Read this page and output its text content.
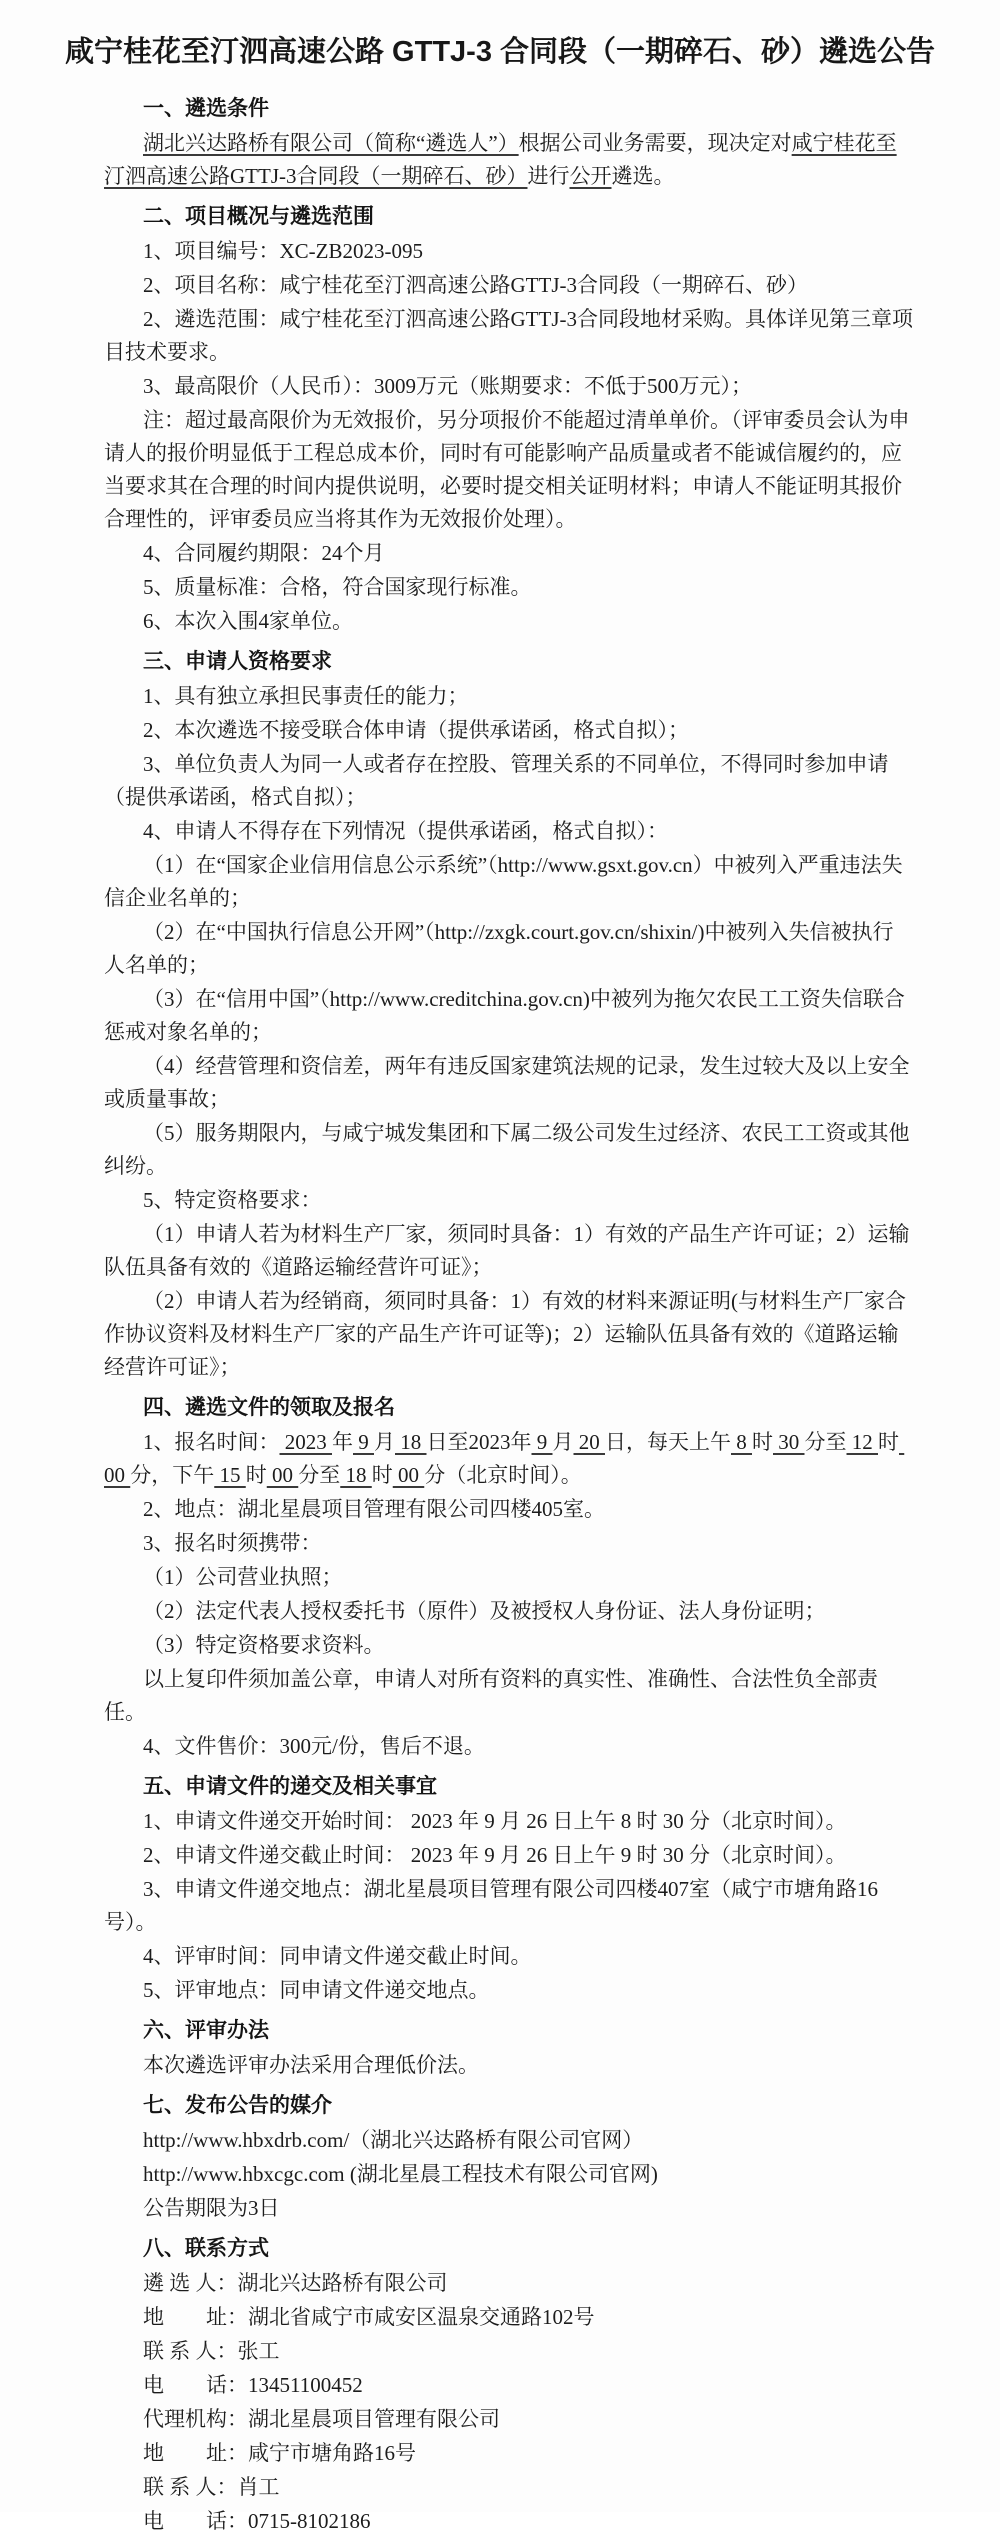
咸宁桂花至汀泗高速公路 GTTJ-3 合同段（一期碎石、砂）遴选公告
一、遴选条件

湖北兴达路桥有限公司（简称“遴选人”）根据公司业务需要，现决定对咸宁桂花至汀泗高速公路GTTJ-3合同段（一期碎石、砂）进行公开遴选。

二、项目概况与遴选范围

1、项目编号：XC-ZB2023-095

2、项目名称：咸宁桂花至汀泗高速公路GTTJ-3合同段（一期碎石、砂）

2、遴选范围：咸宁桂花至汀泗高速公路GTTJ-3合同段地材采购。具体详见第三章项目技术要求。

3、最高限价（人民币）：3009万元（账期要求：不低于500万元）；

注：超过最高限价为无效报价，另分项报价不能超过清单单价。（评审委员会认为申请人的报价明显低于工程总成本价，同时有可能影响产品质量或者不能诚信履约的，应当要求其在合理的时间内提供说明，必要时提交相关证明材料；申请人不能证明其报价合理性的，评审委员应当将其作为无效报价处理）。

4、合同履约期限：24个月

5、质量标准：合格，符合国家现行标准。

6、本次入围4家单位。

三、申请人资格要求

1、具有独立承担民事责任的能力；

2、本次遴选不接受联合体申请（提供承诺函，格式自拟）；

3、单位负责人为同一人或者存在控股、管理关系的不同单位，不得同时参加申请（提供承诺函，格式自拟）；

4、申请人不得存在下列情况（提供承诺函，格式自拟）：

（1）在“国家企业信用信息公示系统”（http://www.gsxt.gov.cn）中被列入严重违法失信企业名单的；

（2）在“中国执行信息公开网”（http://zxgk.court.gov.cn/shixin/)中被列入失信被执行人名单的；

（3）在“信用中国”（http://www.creditchina.gov.cn)中被列为拖欠农民工工资失信联合惩戒对象名单的；

（4）经营管理和资信差，两年有违反国家建筑法规的记录，发生过较大及以上安全或质量事故；

（5）服务期限内，与咸宁城发集团和下属二级公司发生过经济、农民工工资或其他纠纷。

5、特定资格要求：

（1）申请人若为材料生产厂家，须同时具备：1）有效的产品生产许可证；2）运输队伍具备有效的《道路运输经营许可证》；

（2）申请人若为经销商，须同时具备：1）有效的材料来源证明(与材料生产厂家合作协议资料及材料生产厂家的产品生产许可证等)；2）运输队伍具备有效的《道路运输经营许可证》；

四、遴选文件的领取及报名

1、报名时间： 2023 年 9 月 18 日至2023年 9 月 20 日，每天上午 8 时 30 分至 12 时 00 分，下午 15 时 00 分至 18 时 00 分（北京时间）。

2、地点：湖北星晨项目管理有限公司四楼405室。

3、报名时须携带：

（1）公司营业执照；

（2）法定代表人授权委托书（原件）及被授权人身份证、法人身份证明；

（3）特定资格要求资料。

以上复印件须加盖公章，申请人对所有资料的真实性、准确性、合法性负全部责任。

4、文件售价：300元/份，售后不退。

五、申请文件的递交及相关事宜

1、申请文件递交开始时间： 2023 年 9 月 26 日上午 8 时 30 分（北京时间）。

2、申请文件递交截止时间： 2023 年 9 月 26 日上午 9 时 30 分（北京时间）。

3、申请文件递交地点：湖北星晨项目管理有限公司四楼407室（咸宁市塘角路16号）。

4、评审时间：同申请文件递交截止时间。

5、评审地点：同申请文件递交地点。

六、评审办法

本次遴选评审办法采用合理低价法。

七、发布公告的媒介

http://www.hbxdrb.com/（湖北兴达路桥有限公司官网）

http://www.hbxcgc.com (湖北星晨工程技术有限公司官网)

公告期限为3日

八、联系方式

遴 选 人：湖北兴达路桥有限公司

地　　址：湖北省咸宁市咸安区温泉交通路102号

联 系 人：张工

电　　话：13451100452

代理机构：湖北星晨项目管理有限公司

地　　址：咸宁市塘角路16号

联 系 人：肖工

电　　话：0715-8102186
